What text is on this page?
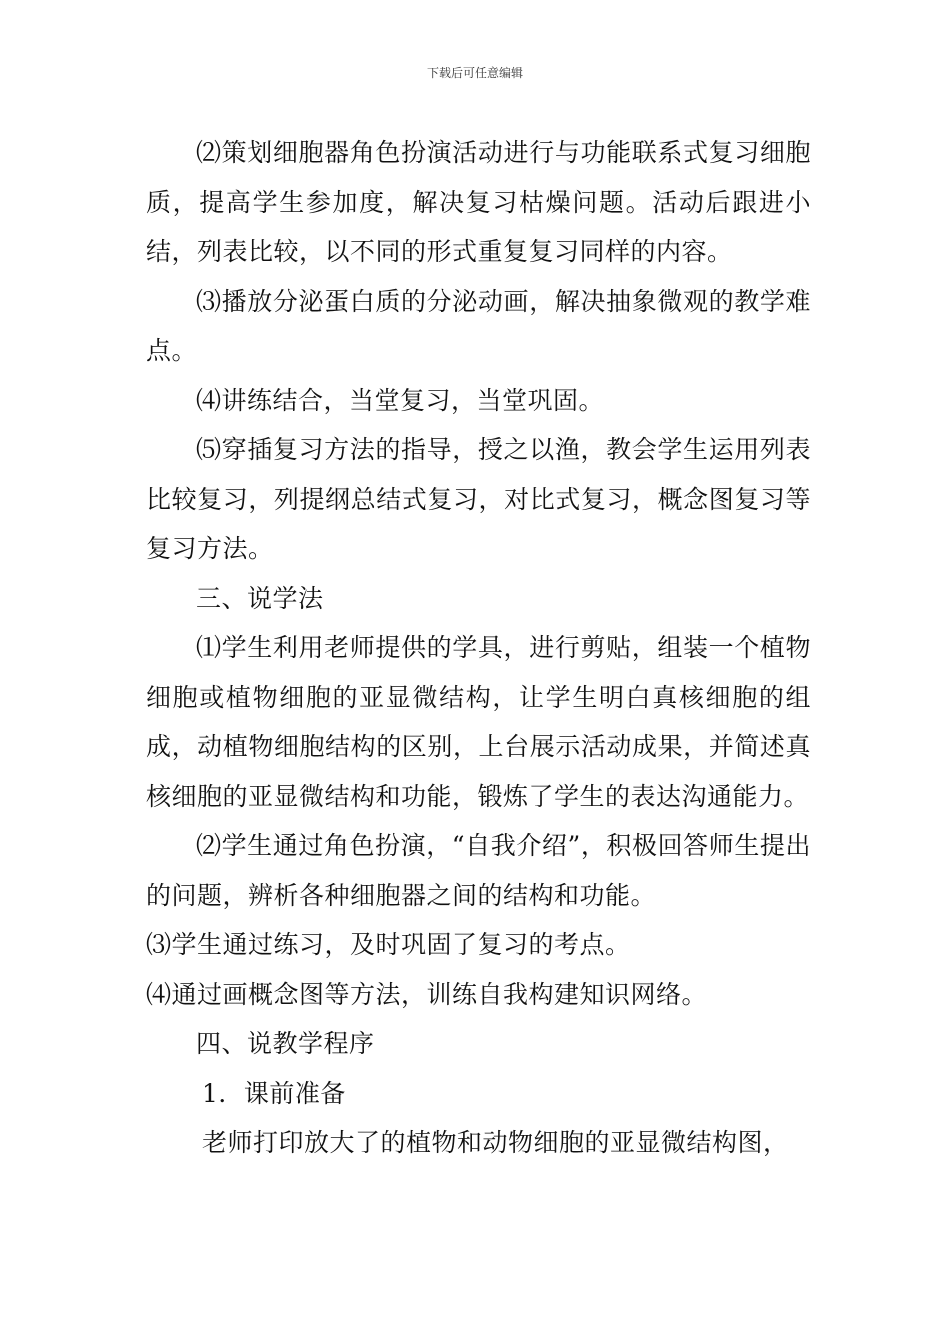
下载后可任意编辑

⑵策划细胞器角色扮演活动进行与功能联系式复习细胞质，提高学生参加度，解决复习枯燥问题。活动后跟进小结，列表比较，以不同的形式重复复习同样的内容。

⑶播放分泌蛋白质的分泌动画，解决抽象微观的教学难点。

⑷讲练结合，当堂复习，当堂巩固。

⑸穿插复习方法的指导，授之以渔，教会学生运用列表比较复习，列提纲总结式复习，对比式复习，概念图复习等复习方法。

三、说学法

⑴学生利用老师提供的学具，进行剪贴，组装一个植物细胞或植物细胞的亚显微结构，让学生明白真核细胞的组成，动植物细胞结构的区别，上台展示活动成果，并简述真核细胞的亚显微结构和功能，锻炼了学生的表达沟通能力。

⑵学生通过角色扮演，“自我介绍”，积极回答师生提出的问题，辨析各种细胞器之间的结构和功能。

⑶学生通过练习，及时巩固了复习的考点。

⑷通过画概念图等方法，训练自我构建知识网络。

四、说教学程序

1．课前准备

老师打印放大了的植物和动物细胞的亚显微结构图，
